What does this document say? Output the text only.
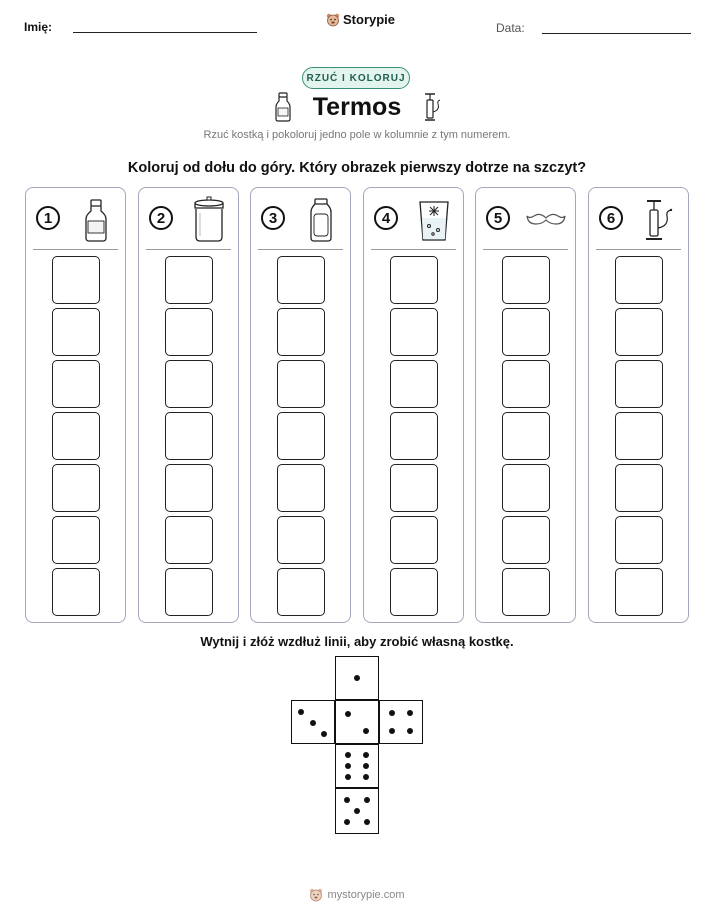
Imię:	Storypie
Data:
RZUĆ I KOLORUJ
Termos
Rzuć kostką i pokoloruj jedno pole w kolumnie z tym numerem.
Koloruj od dołu do góry. Który obrazek pierwszy dotrze na szczyt?
1	2	3	4	5	6
Wytnij i złóż wzdłuż linii, aby zrobić własną kostkę.
mystorypie.com
